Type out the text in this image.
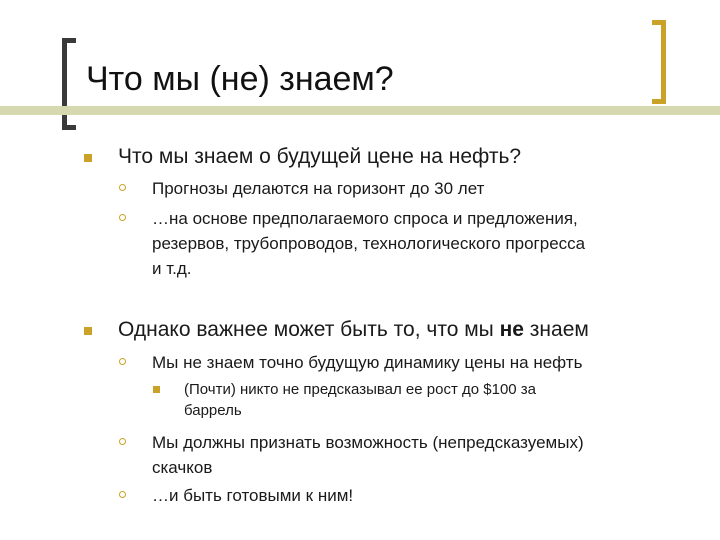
Что мы (не) знаем?
Что мы знаем о будущей цене на нефть?
Прогнозы делаются на горизонт до 30 лет
…на основе предполагаемого спроса и предложения,
резервов, трубопроводов, технологического прогресса
и т.д.
Однако важнее может быть то, что мы не знаем
Мы не знаем точно будущую динамику цены на нефть
(Почти) никто не предсказывал ее рост до $100 за
баррель
Мы должны признать возможность (непредсказуемых)
скачков
…и быть готовыми к ним!
